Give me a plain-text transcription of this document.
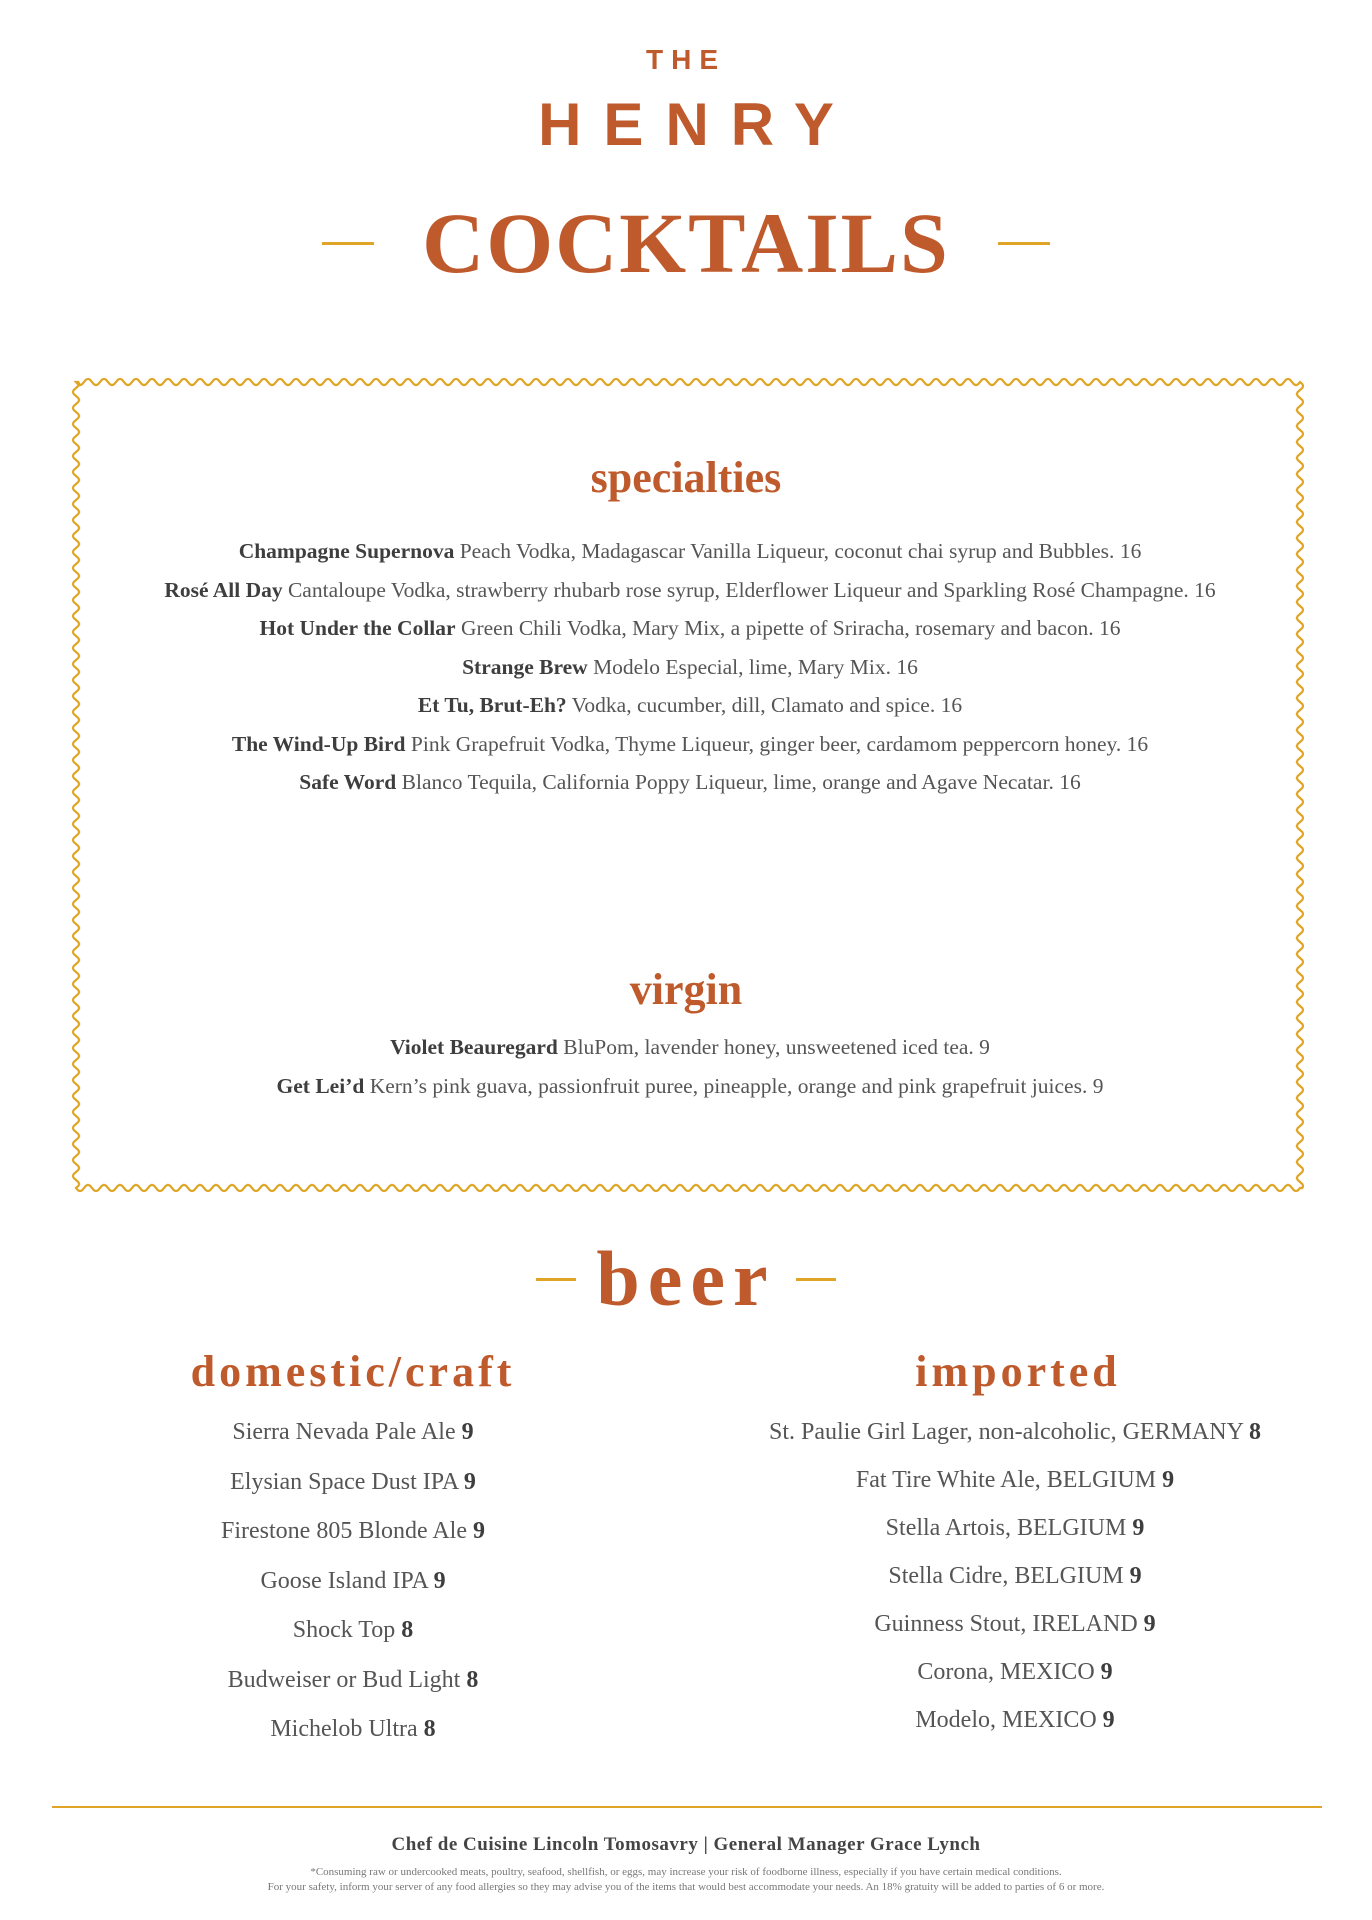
THE
HENRY
COCKTAILS
specialties
Champagne Supernova Peach Vodka, Madagascar Vanilla Liqueur, coconut chai syrup and Bubbles. 16
Rosé All Day Cantaloupe Vodka, strawberry rhubarb rose syrup, Elderflower Liqueur and Sparkling Rosé Champagne. 16
Hot Under the Collar Green Chili Vodka, Mary Mix, a pipette of Sriracha, rosemary and bacon. 16
Strange Brew Modelo Especial, lime, Mary Mix. 16
Et Tu, Brut-Eh? Vodka, cucumber, dill, Clamato and spice. 16
The Wind-Up Bird Pink Grapefruit Vodka, Thyme Liqueur, ginger beer, cardamom peppercorn honey. 16
Safe Word Blanco Tequila, California Poppy Liqueur, lime, orange and Agave Necatar. 16
virgin
Violet Beauregard BluPom, lavender honey, unsweetened iced tea. 9
Get Lei’d Kern’s pink guava, passionfruit puree, pineapple, orange and pink grapefruit juices. 9
beer
domestic/craft	imported
Sierra Nevada Pale Ale 9
Elysian Space Dust IPA 9
Firestone 805 Blonde Ale 9
Goose Island IPA 9
Shock Top 8
Budweiser or Bud Light 8
Michelob Ultra 8
St. Paulie Girl Lager, non-alcoholic, GERMANY 8
Fat Tire White Ale, BELGIUM 9
Stella Artois, BELGIUM 9
Stella Cidre, BELGIUM 9
Guinness Stout, IRELAND 9
Corona, MEXICO 9
Modelo, MEXICO 9
Chef de Cuisine Lincoln Tomosavry | General Manager Grace Lynch
*Consuming raw or undercooked meats, poultry, seafood, shellfish, or eggs, may increase your risk of foodborne illness, especially if you have certain medical conditions.
For your safety, inform your server of any food allergies so they may advise you of the items that would best accommodate your needs. An 18% gratuity will be added to parties of 6 or more.
